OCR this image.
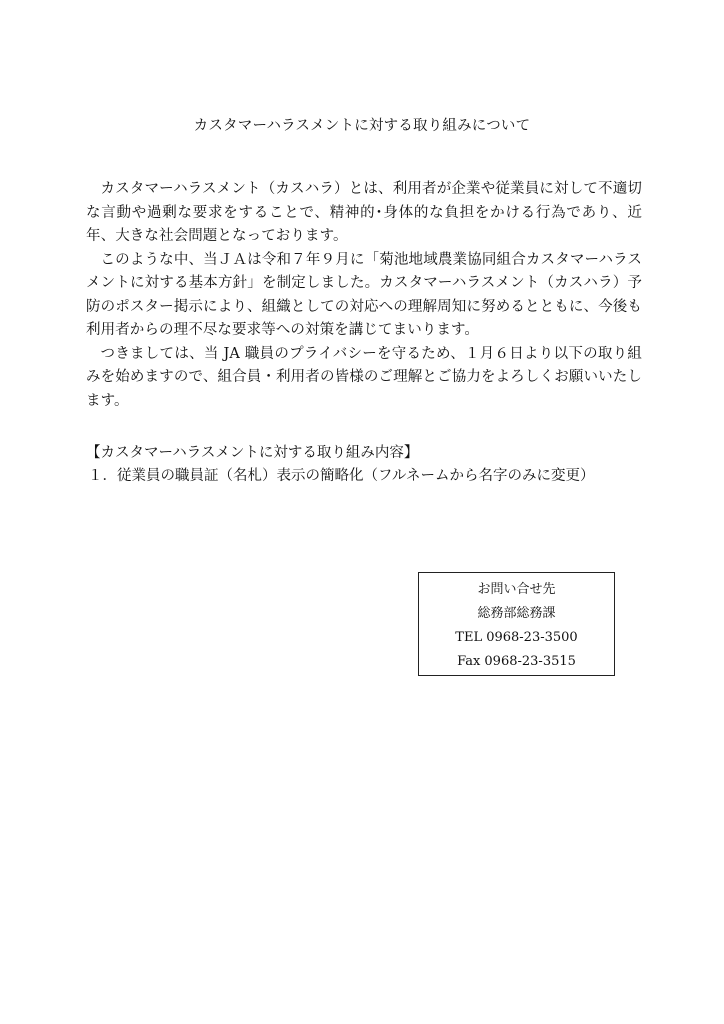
カスタマーハラスメントに対する取り組みについて

カスタマーハラスメント（カスハラ）とは、利用者が企業や従業員に対して不適切な言動や過剰な要求をすることで、精神的･身体的な負担をかける行為であり、近年、大きな社会問題となっております。

このような中、当ＪＡは令和７年９月に「菊池地域農業協同組合カスタマーハラスメントに対する基本方針」を制定しました。カスタマーハラスメント（カスハラ）予防のポスター掲示により、組織としての対応への理解周知に努めるとともに、今後も利用者からの理不尽な要求等への対策を講じてまいります。

つきましては、当 JA 職員のプライバシーを守るため、１月６日より以下の取り組みを始めますので、組合員・利用者の皆様のご理解とご協力をよろしくお願いいたします。

【カスタマーハラスメントに対する取り組み内容】
１．従業員の職員証（名札）表示の簡略化（フルネームから名字のみに変更）
お問い合せ先
総務部総務課
TEL 0968-23-3500
Fax 0968-23-3515
